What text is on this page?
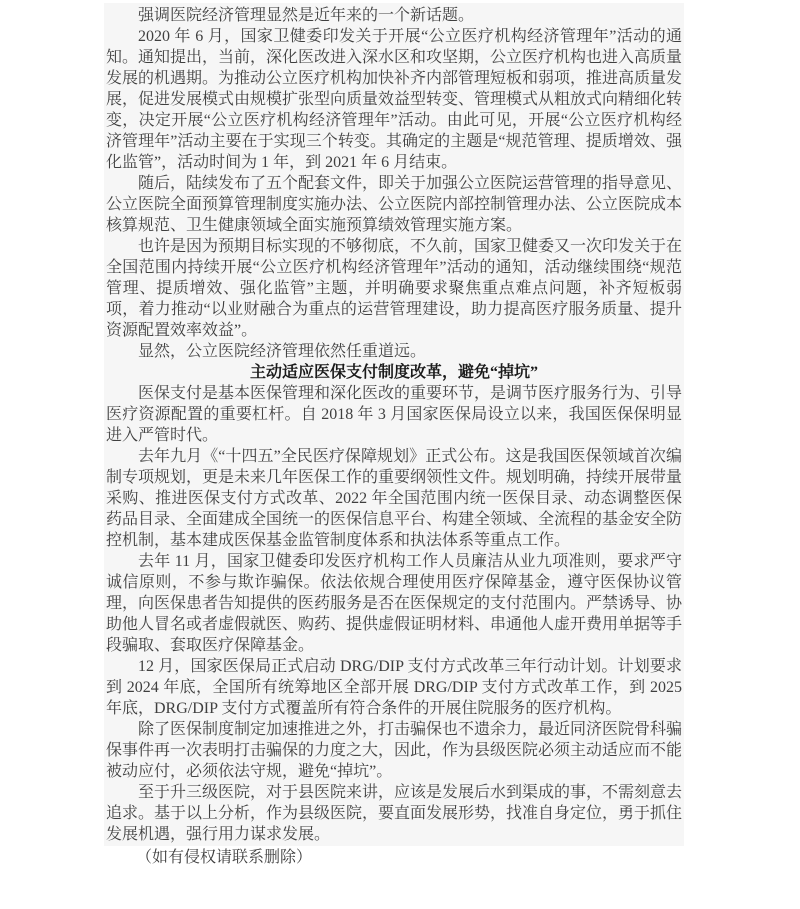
强调医院经济管理显然是近年来的一个新话题。

2020 年 6 月，国家卫健委印发关于开展“公立医疗机构经济管理年”活动的通知。通知提出，当前，深化医改进入深水区和攻坚期，公立医疗机构也进入高质量发展的机遇期。为推动公立医疗机构加快补齐内部管理短板和弱项，推进高质量发展，促进发展模式由规模扩张型向质量效益型转变、管理模式从粗放式向精细化转变，决定开展“公立医疗机构经济管理年”活动。由此可见，开展“公立医疗机构经济管理年”活动主要在于实现三个转变。其确定的主题是“规范管理、提质增效、强化监管”，活动时间为 1 年，到 2021 年 6 月结束。

随后，陆续发布了五个配套文件，即关于加强公立医院运营管理的指导意见、公立医院全面预算管理制度实施办法、公立医院内部控制管理办法、公立医院成本核算规范、卫生健康领域全面实施预算绩效管理实施方案。

也许是因为预期目标实现的不够彻底，不久前，国家卫健委又一次印发关于在全国范围内持续开展“公立医疗机构经济管理年”活动的通知，活动继续围绕“规范管理、提质增效、强化监管”主题，并明确要求聚焦重点难点问题，补齐短板弱项，着力推动“以业财融合为重点的运营管理建设，助力提高医疗服务质量、提升资源配置效率效益”。

显然，公立医院经济管理依然任重道远。

主动适应医保支付制度改革，避免“掉坑”

医保支付是基本医保管理和深化医改的重要环节，是调节医疗服务行为、引导医疗资源配置的重要杠杆。自 2018 年 3 月国家医保局设立以来，我国医保保明显进入严管时代。

去年九月《“十四五”全民医疗保障规划》正式公布。这是我国医保领域首次编制专项规划，更是未来几年医保工作的重要纲领性文件。规划明确，持续开展带量采购、推进医保支付方式改革、2022 年全国范围内统一医保目录、动态调整医保药品目录、全面建成全国统一的医保信息平台、构建全领域、全流程的基金安全防控机制，基本建成医保基金监管制度体系和执法体系等重点工作。

去年 11 月，国家卫健委印发医疗机构工作人员廉洁从业九项准则，要求严守诚信原则，不参与欺诈骗保。依法依规合理使用医疗保障基金，遵守医保协议管理，向医保患者告知提供的医药服务是否在医保规定的支付范围内。严禁诱导、协助他人冒名或者虚假就医、购药、提供虚假证明材料、串通他人虚开费用单据等手段骗取、套取医疗保障基金。

12 月，国家医保局正式启动 DRG/DIP 支付方式改革三年行动计划。计划要求到 2024 年底，全国所有统筹地区全部开展 DRG/DIP 支付方式改革工作，到 2025 年底，DRG/DIP 支付方式覆盖所有符合条件的开展住院服务的医疗机构。

除了医保制度制定加速推进之外，打击骗保也不遗余力，最近同济医院骨科骗保事件再一次表明打击骗保的力度之大，因此，作为县级医院必须主动适应而不能被动应付，必须依法守规，避免“掉坑”。

至于升三级医院，对于县医院来讲，应该是发展后水到渠成的事，不需刻意去追求。基于以上分析，作为县级医院，要直面发展形势，找准自身定位，勇于抓住发展机遇，强行用力谋求发展。

（如有侵权请联系删除）
